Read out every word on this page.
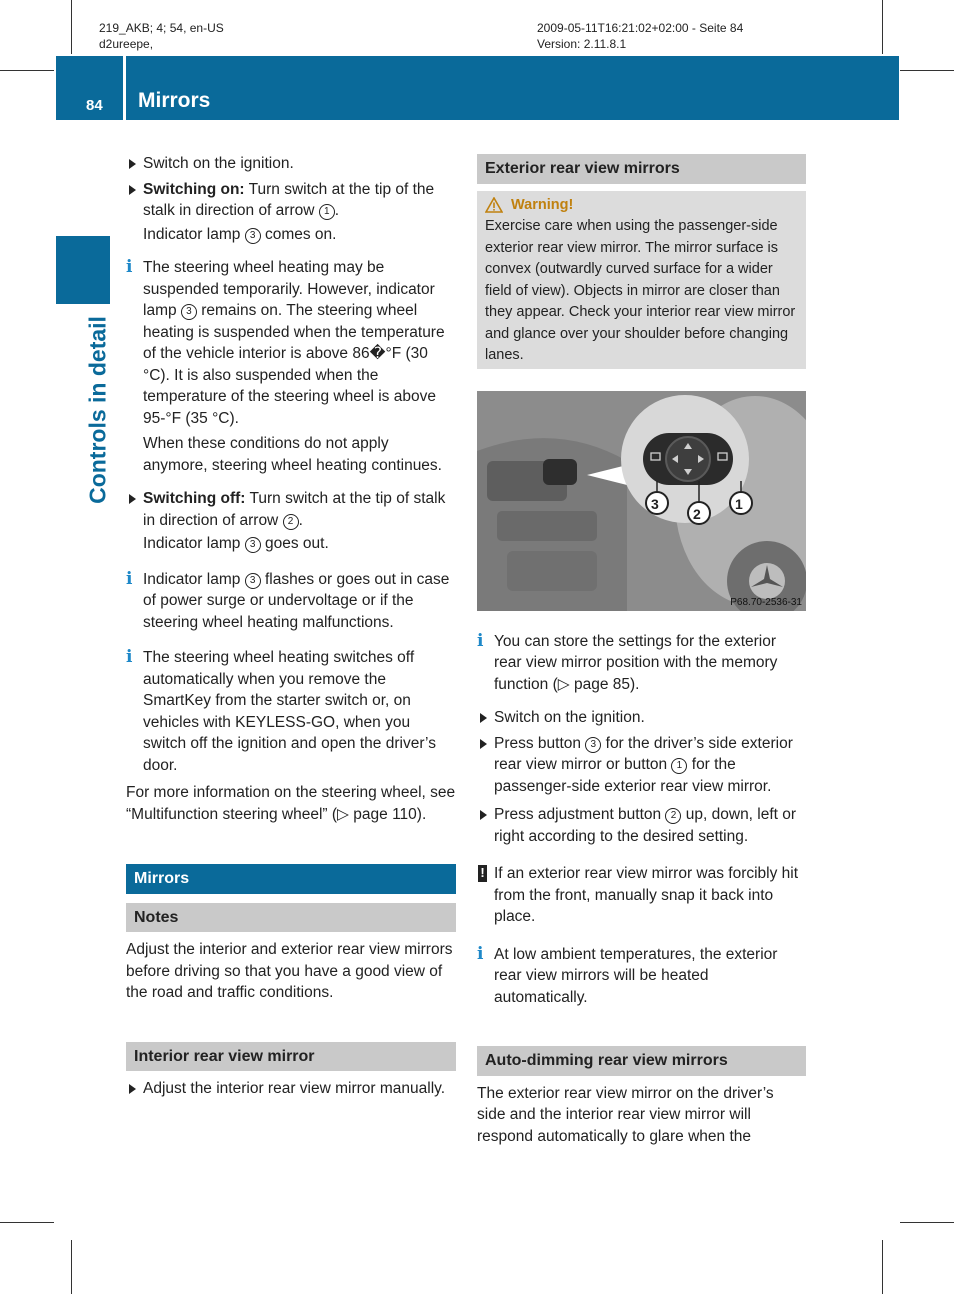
219_AKB; 4; 54, en-US
d2ureepe,
2009-05-11T16:21:02+02:00 - Seite 84
Version: 2.11.8.1
84 Mirrors
Controls in detail

Switch on the ignition.

Switching on: Turn switch at the tip of the stalk in direction of arrow 1 .

Indicator lamp 3 comes on.

i The steering wheel heating may be suspended temporarily. However, indicator lamp 3 remains on. The steering wheel heating is suspended when the temperature of the vehicle interior is above 86�°F (30 °C). It is also suspended when the temperature of the steering wheel is above 95‑°F (35 °C).

When these conditions do not apply anymore, steering wheel heating continues.

Switching off: Turn switch at the tip of stalk in direction of arrow 2 .

Indicator lamp 3 goes out.

i Indicator lamp 3 flashes or goes out in case of power surge or undervoltage or if the steering wheel heating malfunctions.

i The steering wheel heating switches off automatically when you remove the SmartKey from the starter switch or, on vehicles with KEYLESS-GO, when you switch off the ignition and open the driver’s door.

For more information on the steering wheel, see “Multifunction steering wheel” (▷ page 110).

Mirrors
Notes

Adjust the interior and exterior rear view mirrors before driving so that you have a good view of the road and traffic conditions.

Interior rear view mirror

Adjust the interior rear view mirror manually.

Exterior rear view mirrors
Warning!

Exercise care when using the passenger-side exterior rear view mirror. The mirror surface is convex (outwardly curved surface for a wider field of view). Objects in mirror are closer than they appear. Check your interior rear view mirror and glance over your shoulder before changing lanes.

3
2
1
P68.70-2536-31
i You can store the settings for the exterior rear view mirror position with the memory function (▷ page 85).

Switch on the ignition.

Press button 3 for the driver’s side exterior rear view mirror or button 1 for the passenger-side exterior rear view mirror.

Press adjustment button 2 up, down, left or right according to the desired setting.

! If an exterior rear view mirror was forcibly hit from the front, manually snap it back into place.

i At low ambient temperatures, the exterior rear view mirrors will be heated automatically.

Auto-dimming rear view mirrors

The exterior rear view mirror on the driver’s side and the interior rear view mirror will respond automatically to glare when the
